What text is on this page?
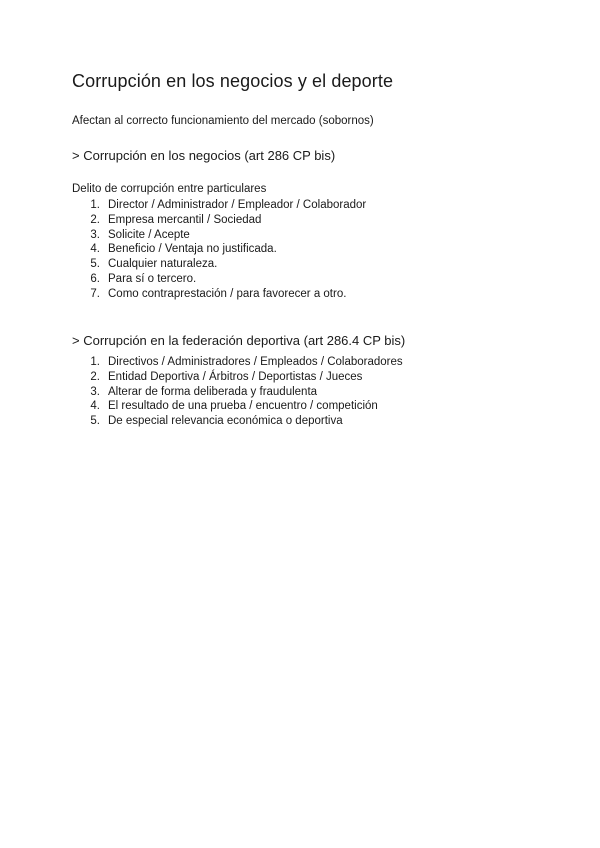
Corrupción en los negocios y el deporte

Afectan al correcto funcionamiento del mercado (sobornos)

> Corrupción en los negocios (art 286 CP bis)

Delito de corrupción entre particulares

1. Director / Administrador / Empleador / Colaborador
2. Empresa mercantil / Sociedad
3. Solicite / Acepte
4. Beneficio / Ventaja no justificada.
5. Cualquier naturaleza.
6. Para sí o tercero.
7. Como contraprestación / para favorecer a otro.

> Corrupción en la federación deportiva (art 286.4 CP bis)

1. Directivos / Administradores / Empleados / Colaboradores
2. Entidad Deportiva / Árbitros / Deportistas / Jueces
3. Alterar de forma deliberada y fraudulenta
4. El resultado de una prueba / encuentro / competición
5. De especial relevancia económica o deportiva
